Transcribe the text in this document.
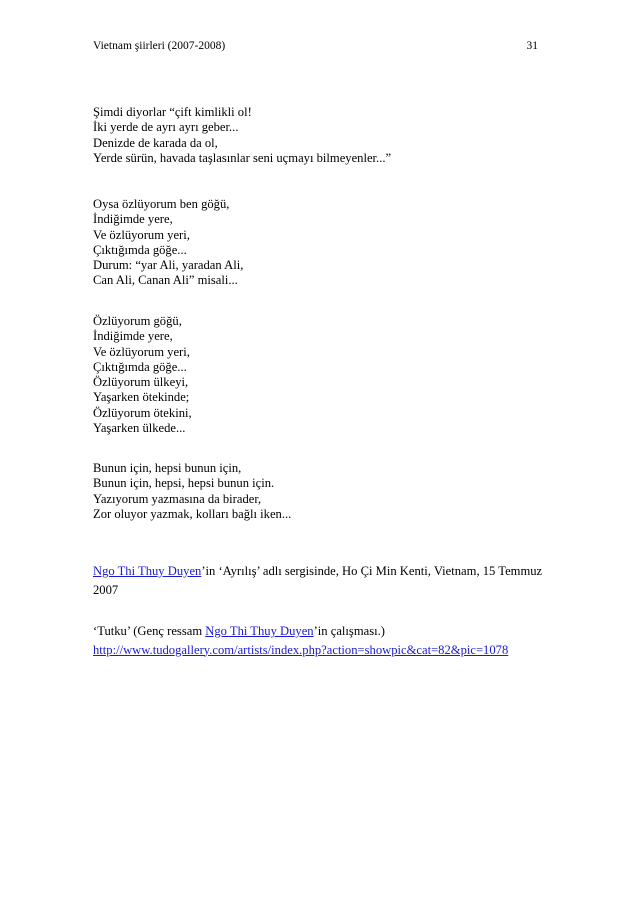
Vietnam şiirleri (2007-2008)	31
Şimdi diyorlar “çift kimlikli ol!
İki yerde de ayrı ayrı geber...
Denizde de karada da ol,
Yerde sürün, havada taşlasınlar seni uçmayı bilmeyenler...”
Oysa özlüyorum ben göğü,
İndiğimde yere,
Ve özlüyorum yeri,
Çıktığımda göğe...
Durum: “yar Ali, yaradan Ali,
Can Ali, Canan Ali” misali...
Özlüyorum göğü,
İndiğimde yere,
Ve özlüyorum yeri,
Çıktığımda göğe...
Özlüyorum ülkeyi,
Yaşarken ötekinde;
Özlüyorum ötekini,
Yaşarken ülkede...
Bunun için, hepsi bunun için,
Bunun için, hepsi, hepsi bunun için.
Yazıyorum yazmasına da birader,
Zor oluyor yazmak, kolları bağlı iken...
Ngo Thi Thuy Duyen’in ‘Ayrılış’ adlı sergisinde, Ho Çi Min Kenti, Vietnam, 15 Temmuz 2007
‘Tutku’ (Genç ressam Ngo Thi Thuy Duyen’in çalışması.)
http://www.tudogallery.com/artists/index.php?action=showpic&cat=82&pic=1078
